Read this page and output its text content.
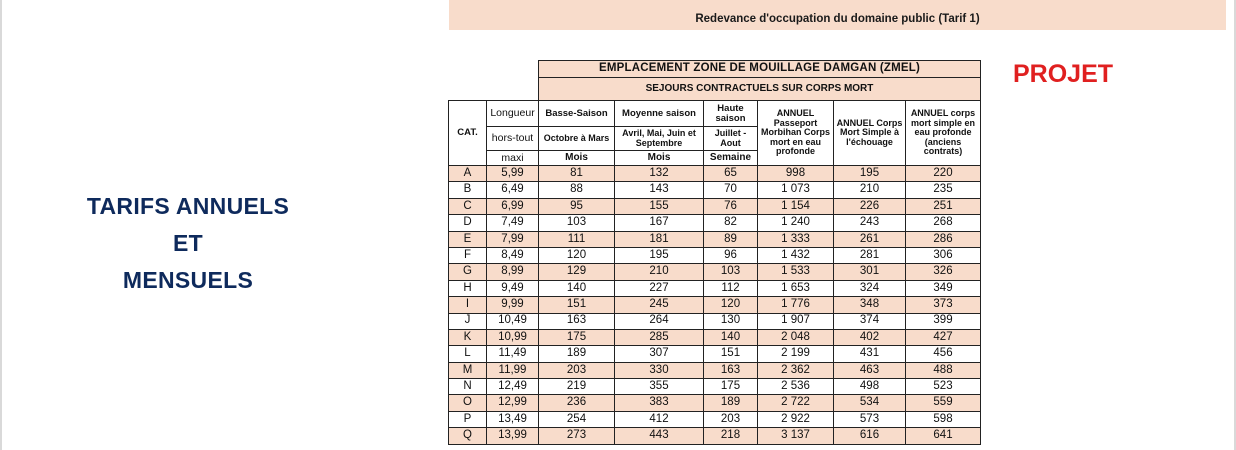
Redevance d'occupation du domaine public (Tarif 1)
TARIFS ANNUELS
ET
MENSUELS
PROJET
		EMPLACEMENT ZONE DE MOUILLAGE DAMGAN (ZMEL)					
		SEJOURS CONTRACTUELS SUR CORPS MORT					
CAT.	Longueur	Basse-Saison	Moyenne saison	Haute saison	ANNUEL Passeport Morbihan Corps mort en eau profonde	ANNUEL Corps Mort Simple à l'échouage	ANNUEL corps mort simple en eau profonde (anciens contrats)
	hors-tout	Octobre à Mars	Avril, Mai, Juin et Septembre	Juillet - Aout			
	maxi	Mois	Mois	Semaine			
A	5,99	81	132	65	998	195	220
B	6,49	88	143	70	1 073	210	235
C	6,99	95	155	76	1 154	226	251
D	7,49	103	167	82	1 240	243	268
E	7,99	111	181	89	1 333	261	286
F	8,49	120	195	96	1 432	281	306
G	8,99	129	210	103	1 533	301	326
H	9,49	140	227	112	1 653	324	349
I	9,99	151	245	120	1 776	348	373
J	10,49	163	264	130	1 907	374	399
K	10,99	175	285	140	2 048	402	427
L	11,49	189	307	151	2 199	431	456
M	11,99	203	330	163	2 362	463	488
N	12,49	219	355	175	2 536	498	523
O	12,99	236	383	189	2 722	534	559
P	13,49	254	412	203	2 922	573	598
Q	13,99	273	443	218	3 137	616	641
